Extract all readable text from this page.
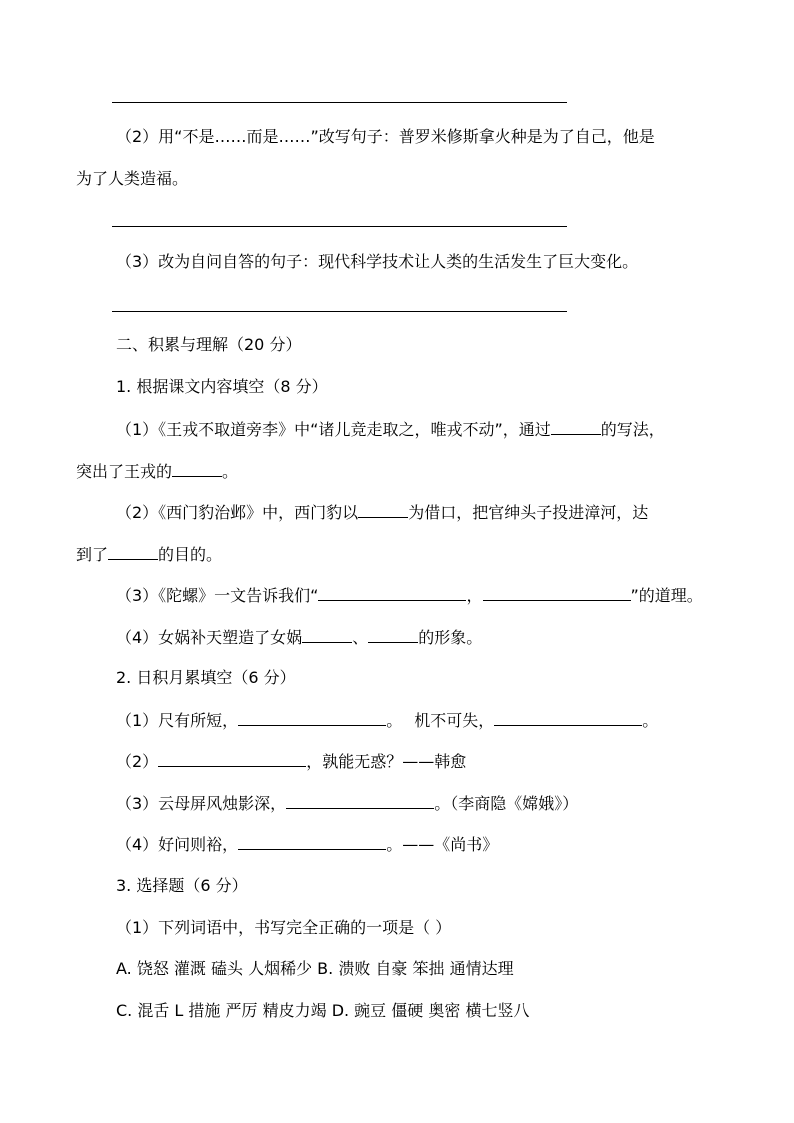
（2）用“不是……而是……”改写句子：普罗米修斯拿火种是为了自己，他是
为了人类造福。
（3）改为自问自答的句子：现代科学技术让人类的生活发生了巨大变化。
二、积累与理解（20 分）
1. 根据课文内容填空（8 分）
（1）《王戎不取道旁李》中“诸儿竞走取之，唯戎不动”，通过	的写法，
突出了王戎的	。
（2）《西门豹治邺》中，西门豹以	为借口，把官绅头子投进漳河，达
到了	的目的。
（3）《陀螺》一文告诉我们“	，	”的道理。
（4）女娲补天塑造了女娲	、	的形象。
2. 日积月累填空（6 分）
（1）尺有所短，	。 机不可失，	。
（2）	，孰能无惑？——韩愈
（3）云母屏风烛影深，	。（李商隐《嫦娥》）
（4）好问则裕，	。——《尚书》
3. 选择题（6 分）
（1）下列词语中，书写完全正确的一项是（ ）
A. 饶怒 灌溉 磕头 人烟稀少 B. 溃败 自豪 笨拙 通情达理
C. 混舌 L 措施 严厉 精皮力竭 D. 豌豆 僵硬 奥密 横七竖八
